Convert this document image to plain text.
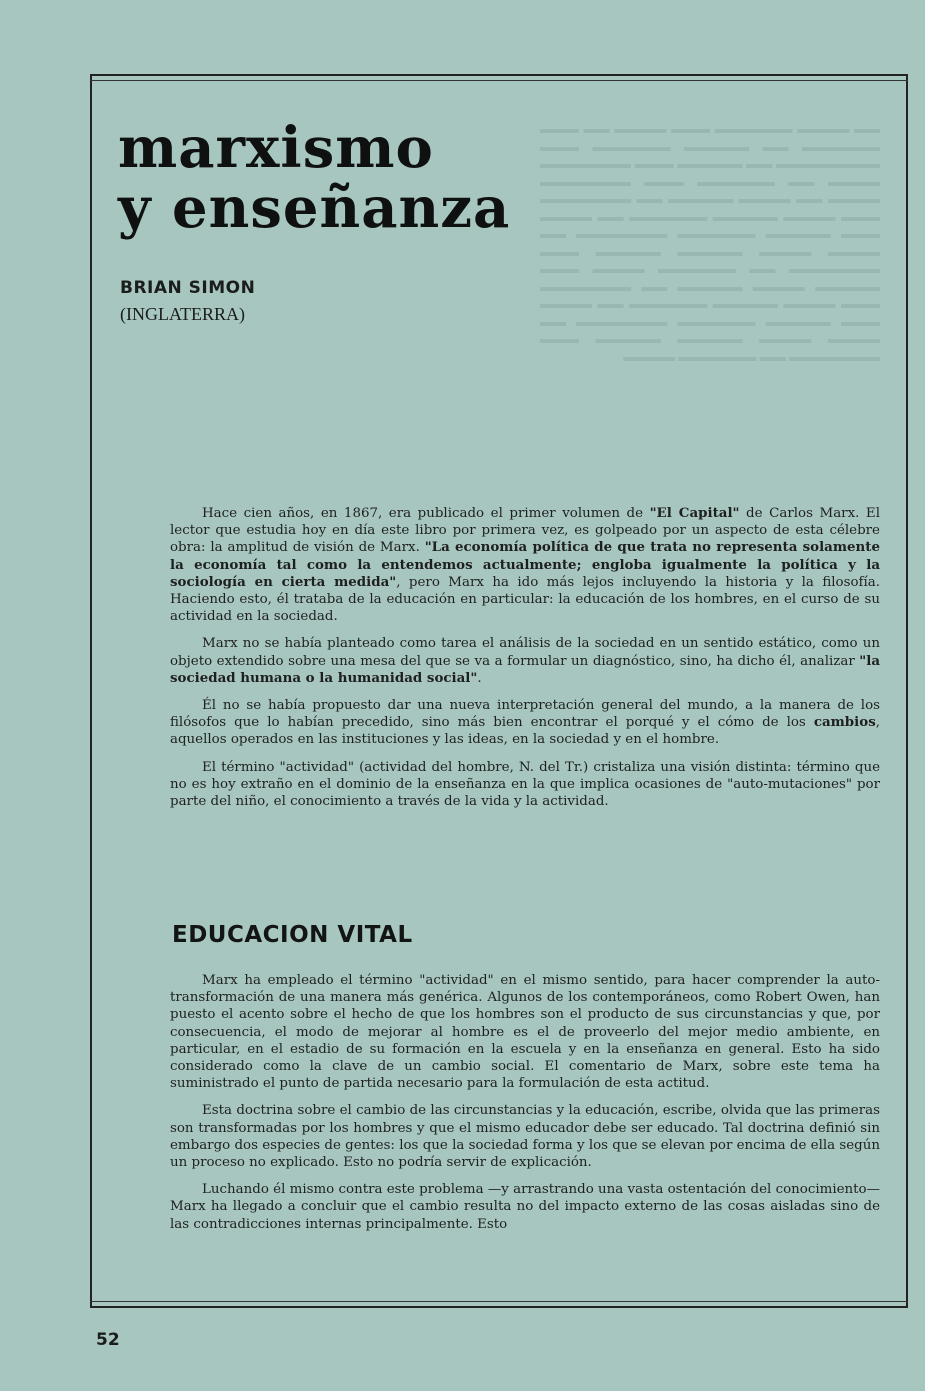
▬▬ ▬▬▬▬ ▬▬▬▬▬▬ ▬▬▬ ▬▬▬▬ ▬▬ ▬▬▬ ▬▬▬▬▬▬ ▬▬ ▬▬▬▬▬ ▬▬▬▬▬▬ ▬▬▬ ▬▬▬▬▬▬▬▬ ▬▬ ▬▬▬▬▬ ▬▬▬ ▬▬▬▬▬▬▬ ▬▬▬▬ ▬▬ ▬▬▬▬▬▬ ▬▬▬ ▬▬▬▬▬▬▬ ▬▬▬▬ ▬▬ ▬▬▬▬ ▬▬▬▬▬ ▬▬ ▬▬▬▬▬▬▬ ▬▬▬ ▬▬▬▬ ▬▬▬▬▬ ▬▬▬▬▬▬ ▬▬ ▬▬▬▬ ▬▬▬ ▬▬▬▬▬ ▬▬▬▬▬▬ ▬▬▬▬▬▬▬ ▬▬ ▬▬▬▬ ▬▬▬▬ ▬▬▬▬▬ ▬▬▬▬▬ ▬▬▬ ▬▬▬▬▬▬▬ ▬▬ ▬▬▬▬▬▬ ▬▬▬▬ ▬▬▬ ▬▬▬▬▬ ▬▬▬▬ ▬▬▬▬▬ ▬▬ ▬▬▬▬▬▬▬ ▬▬▬ ▬▬▬▬ ▬▬▬▬▬ ▬▬▬▬▬▬ ▬▬ ▬▬▬▬ ▬▬▬ ▬▬▬▬▬ ▬▬▬▬▬▬ ▬▬▬▬▬▬▬ ▬▬ ▬▬▬▬ ▬▬▬▬ ▬▬▬▬▬ ▬▬▬▬▬ ▬▬▬ ▬▬▬▬▬▬▬ ▬▬ ▬▬▬▬▬▬ ▬▬▬▬
marxismo
y enseñanza
BRIAN SIMON
(INGLATERRA)

Hace cien años, en 1867, era publicado el primer volumen de "El Capital" de Carlos Marx. El lector que estudia hoy en día este libro por primera vez, es golpeado por un aspecto de esta célebre obra: la amplitud de visión de Marx. "La economía política de que trata no representa solamente la economía tal como la entendemos actualmente; engloba igualmente la política y la sociología en cierta medida", pero Marx ha ido más lejos incluyendo la historia y la filosofía. Haciendo esto, él trataba de la educación en particular: la educación de los hombres, en el curso de su actividad en la sociedad.

Marx no se había planteado como tarea el análisis de la sociedad en un sentido estático, como un objeto extendido sobre una mesa del que se va a formular un diagnóstico, sino, ha dicho él, analizar "la sociedad humana o la humanidad social".

Él no se había propuesto dar una nueva interpretación general del mundo, a la manera de los filósofos que lo habían precedido, sino más bien encontrar el porqué y el cómo de los cambios, aquellos operados en las instituciones y las ideas, en la sociedad y en el hombre.

El término "actividad" (actividad del hombre, N. del Tr.) cristaliza una visión distinta: término que no es hoy extraño en el dominio de la enseñanza en la que implica ocasiones de "auto-mutaciones" por parte del niño, el conocimiento a través de la vida y la actividad.

EDUCACION VITAL

Marx ha empleado el término "actividad" en el mismo sentido, para hacer comprender la auto-transformación de una manera más genérica. Algunos de los contemporáneos, como Robert Owen, han puesto el acento sobre el hecho de que los hombres son el producto de sus circunstancias y que, por consecuencia, el modo de mejorar al hombre es el de proveerlo del mejor medio ambiente, en particular, en el estadio de su formación en la escuela y en la enseñanza en general. Esto ha sido considerado como la clave de un cambio social. El comentario de Marx, sobre este tema ha suministrado el punto de partida necesario para la formulación de esta actitud.

Esta doctrina sobre el cambio de las circunstancias y la educación, escribe, olvida que las primeras son transformadas por los hombres y que el mismo educador debe ser educado. Tal doctrina definió sin embargo dos especies de gentes: los que la sociedad forma y los que se elevan por encima de ella según un proceso no explicado. Esto no podría servir de explicación.

Luchando él mismo contra este problema —y arrastrando una vasta ostentación del conocimiento— Marx ha llegado a concluir que el cambio resulta no del impacto externo de las cosas aisladas sino de las contradicciones internas principalmente. Esto

52
